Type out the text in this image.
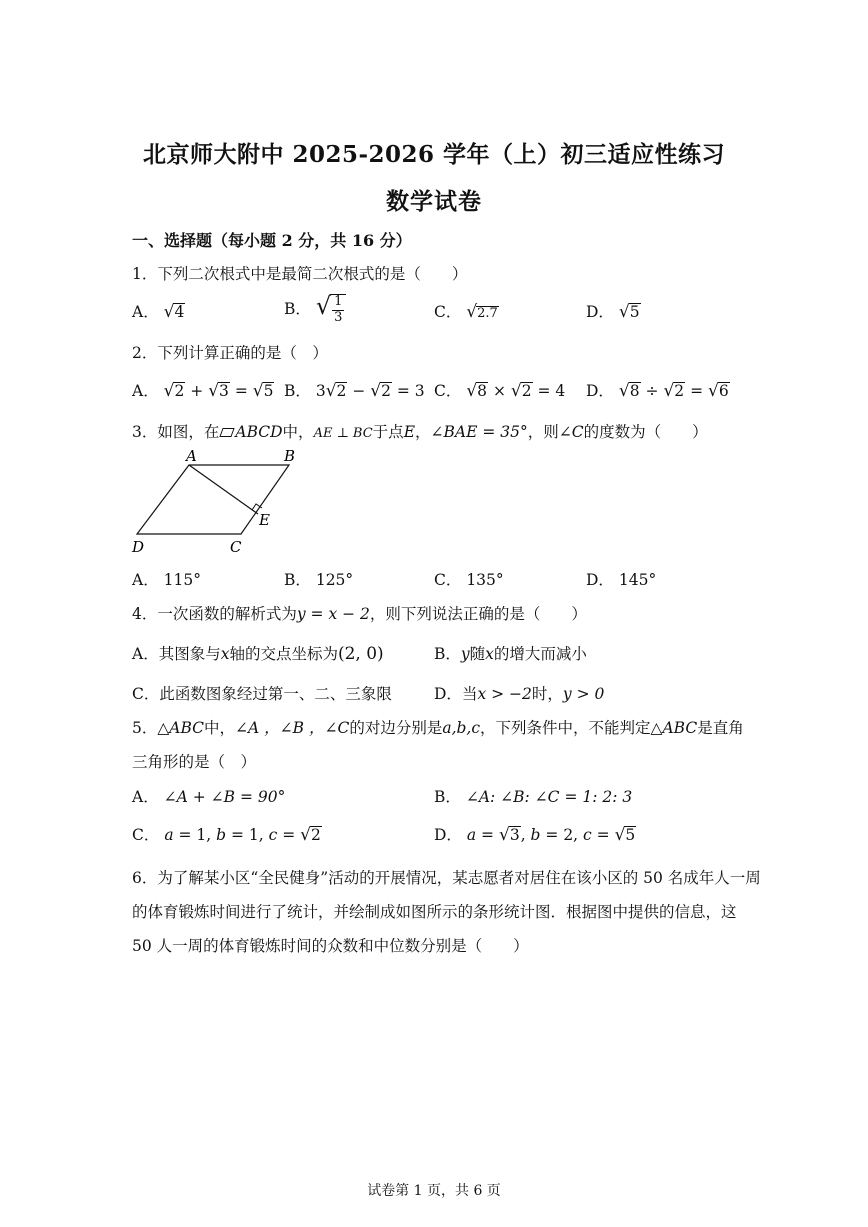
北京师大附中 2025-2026 学年（上）初三适应性练习
数学试卷
一、选择题（每小题 2 分，共 16 分）
1．下列二次根式中是最简二次根式的是（　　）
A． √4	B． √ $\frac{1}{3}$	C． √2.7	D． √5
2．下列计算正确的是（　）
A． √2 + √3 = √5 B． 3√2 − √2 = 3 C． √8 × √2 = 4 D． √8 ÷ √2 = √6
3．如图，在 ABCD中，AE ⊥ BC于点E，∠BAE = 35°，则∠C的度数为（　　）
A	B
E
D	C
A． 115°	B． 125°	C． 135°	D． 145°
4．一次函数的解析式为y = x − 2，则下列说法正确的是（　　）
A．其图象与x轴的交点坐标为(2, 0)	B．y随x的增大而减小
C．此函数图象经过第一、二、三象限	D．当x > −2时，y > 0
5．△ABC中，∠A ，∠B ，∠C的对边分别是a,b,c，下列条件中，不能判定△ABC是直角
三角形的是（　）
A． ∠A + ∠B = 90°	B． ∠A: ∠B: ∠C = 1: 2: 3
C． a = 1, b = 1, c = √2	D． a = √3, b = 2, c = √5
6．为了解某小区“全民健身”活动的开展情况，某志愿者对居住在该小区的 50 名成年人一周
的体育锻炼时间进行了统计，并绘制成如图所示的条形统计图．根据图中提供的信息，这
50 人一周的体育锻炼时间的众数和中位数分别是（　　）
试卷第 1 页，共 6 页
